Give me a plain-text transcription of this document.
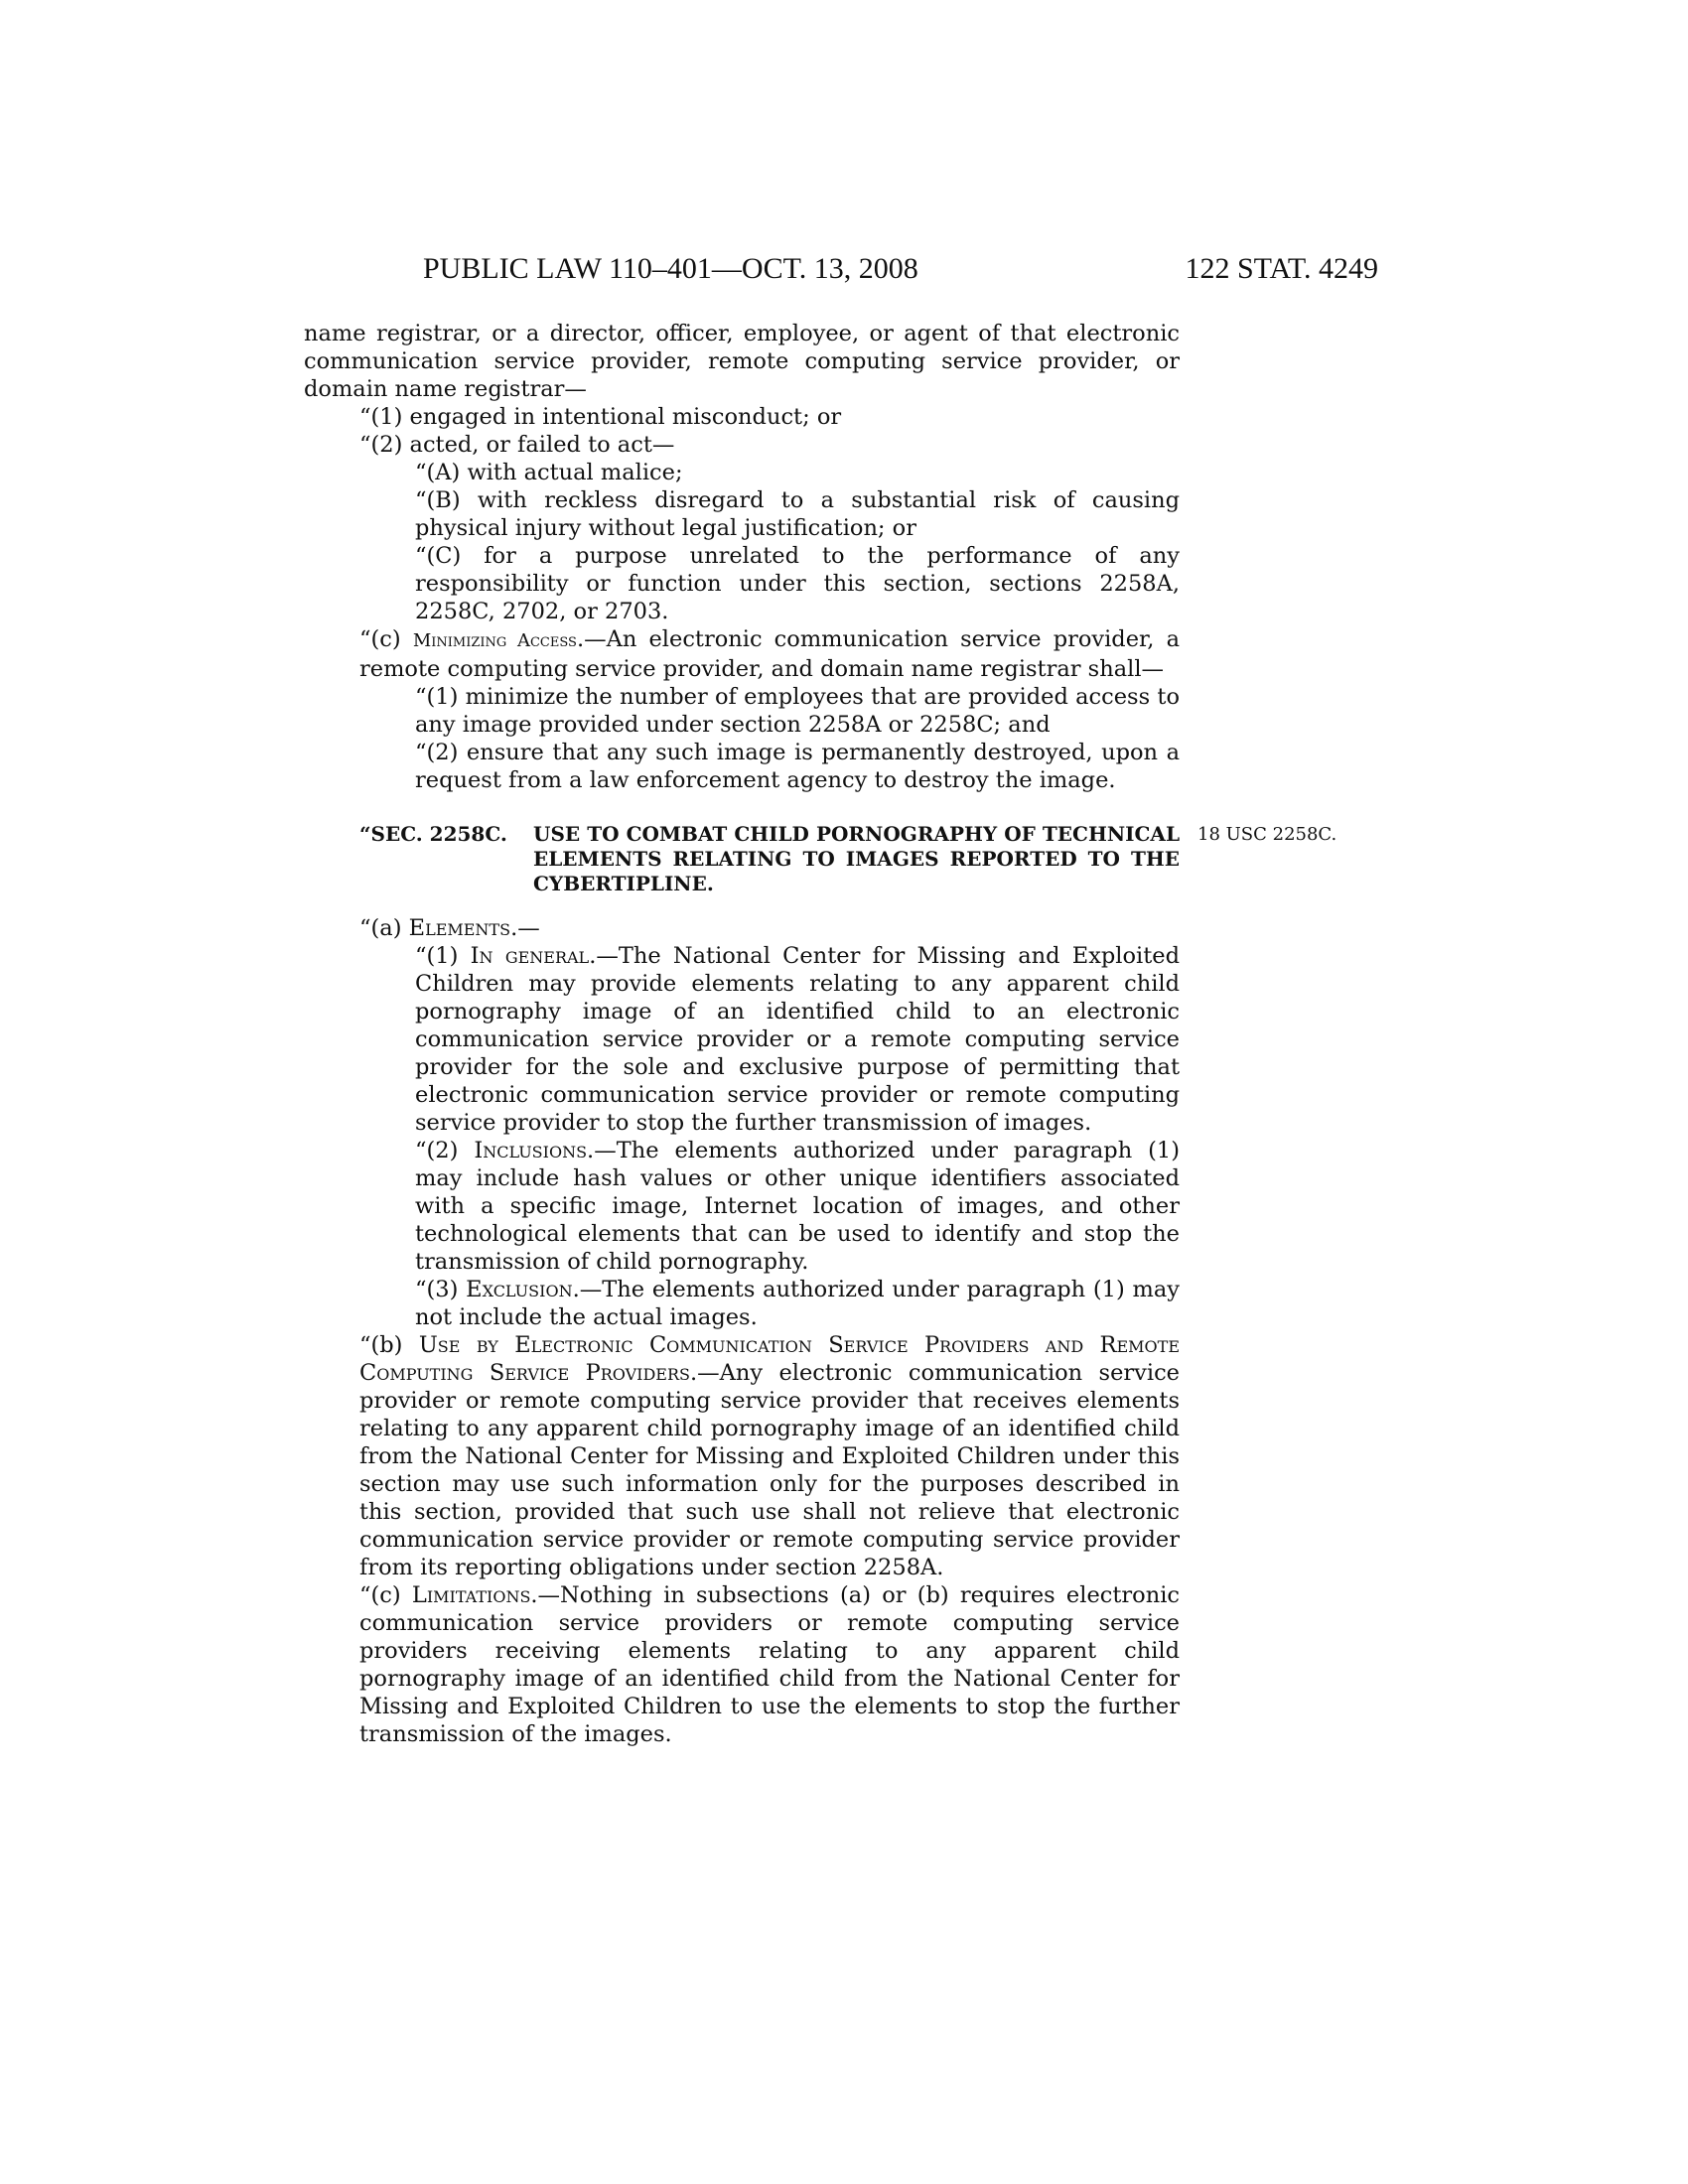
PUBLIC LAW 110–401—OCT. 13, 2008	122 STAT. 4249

name registrar, or a director, officer, employee, or agent of that electronic communication service provider, remote computing service provider, or domain name registrar—

“(1) engaged in intentional misconduct; or

“(2) acted, or failed to act—

“(A) with actual malice;

“(B) with reckless disregard to a substantial risk of causing physical injury without legal justification; or

“(C) for a purpose unrelated to the performance of any responsibility or function under this section, sections 2258A, 2258C, 2702, or 2703.

“(c) Minimizing Access.—An electronic communication service provider, a remote computing service provider, and domain name registrar shall—

“(1) minimize the number of employees that are provided access to any image provided under section 2258A or 2258C; and

“(2) ensure that any such image is permanently destroyed, upon a request from a law enforcement agency to destroy the image.

“SEC. 2258C.	USE TO COMBAT CHILD PORNOGRAPHY OF TECHNICAL ELEMENTS RELATING TO IMAGES REPORTED TO THE CYBERTIPLINE.
18 USC 2258C.

“(a) Elements.—

“(1) In general.—The National Center for Missing and Exploited Children may provide elements relating to any apparent child pornography image of an identified child to an electronic communication service provider or a remote computing service provider for the sole and exclusive purpose of permitting that electronic communication service provider or remote computing service provider to stop the further transmission of images.

“(2) Inclusions.—The elements authorized under paragraph (1) may include hash values or other unique identifiers associated with a specific image, Internet location of images, and other technological elements that can be used to identify and stop the transmission of child pornography.

“(3) Exclusion.—The elements authorized under paragraph (1) may not include the actual images.

“(b) Use by Electronic Communication Service Providers and Remote Computing Service Providers.—Any electronic communication service provider or remote computing service provider that receives elements relating to any apparent child pornography image of an identified child from the National Center for Missing and Exploited Children under this section may use such information only for the purposes described in this section, provided that such use shall not relieve that electronic communication service provider or remote computing service provider from its reporting obligations under section 2258A.

“(c) Limitations.—Nothing in subsections (a) or (b) requires electronic communication service providers or remote computing service providers receiving elements relating to any apparent child pornography image of an identified child from the National Center for Missing and Exploited Children to use the elements to stop the further transmission of the images.
